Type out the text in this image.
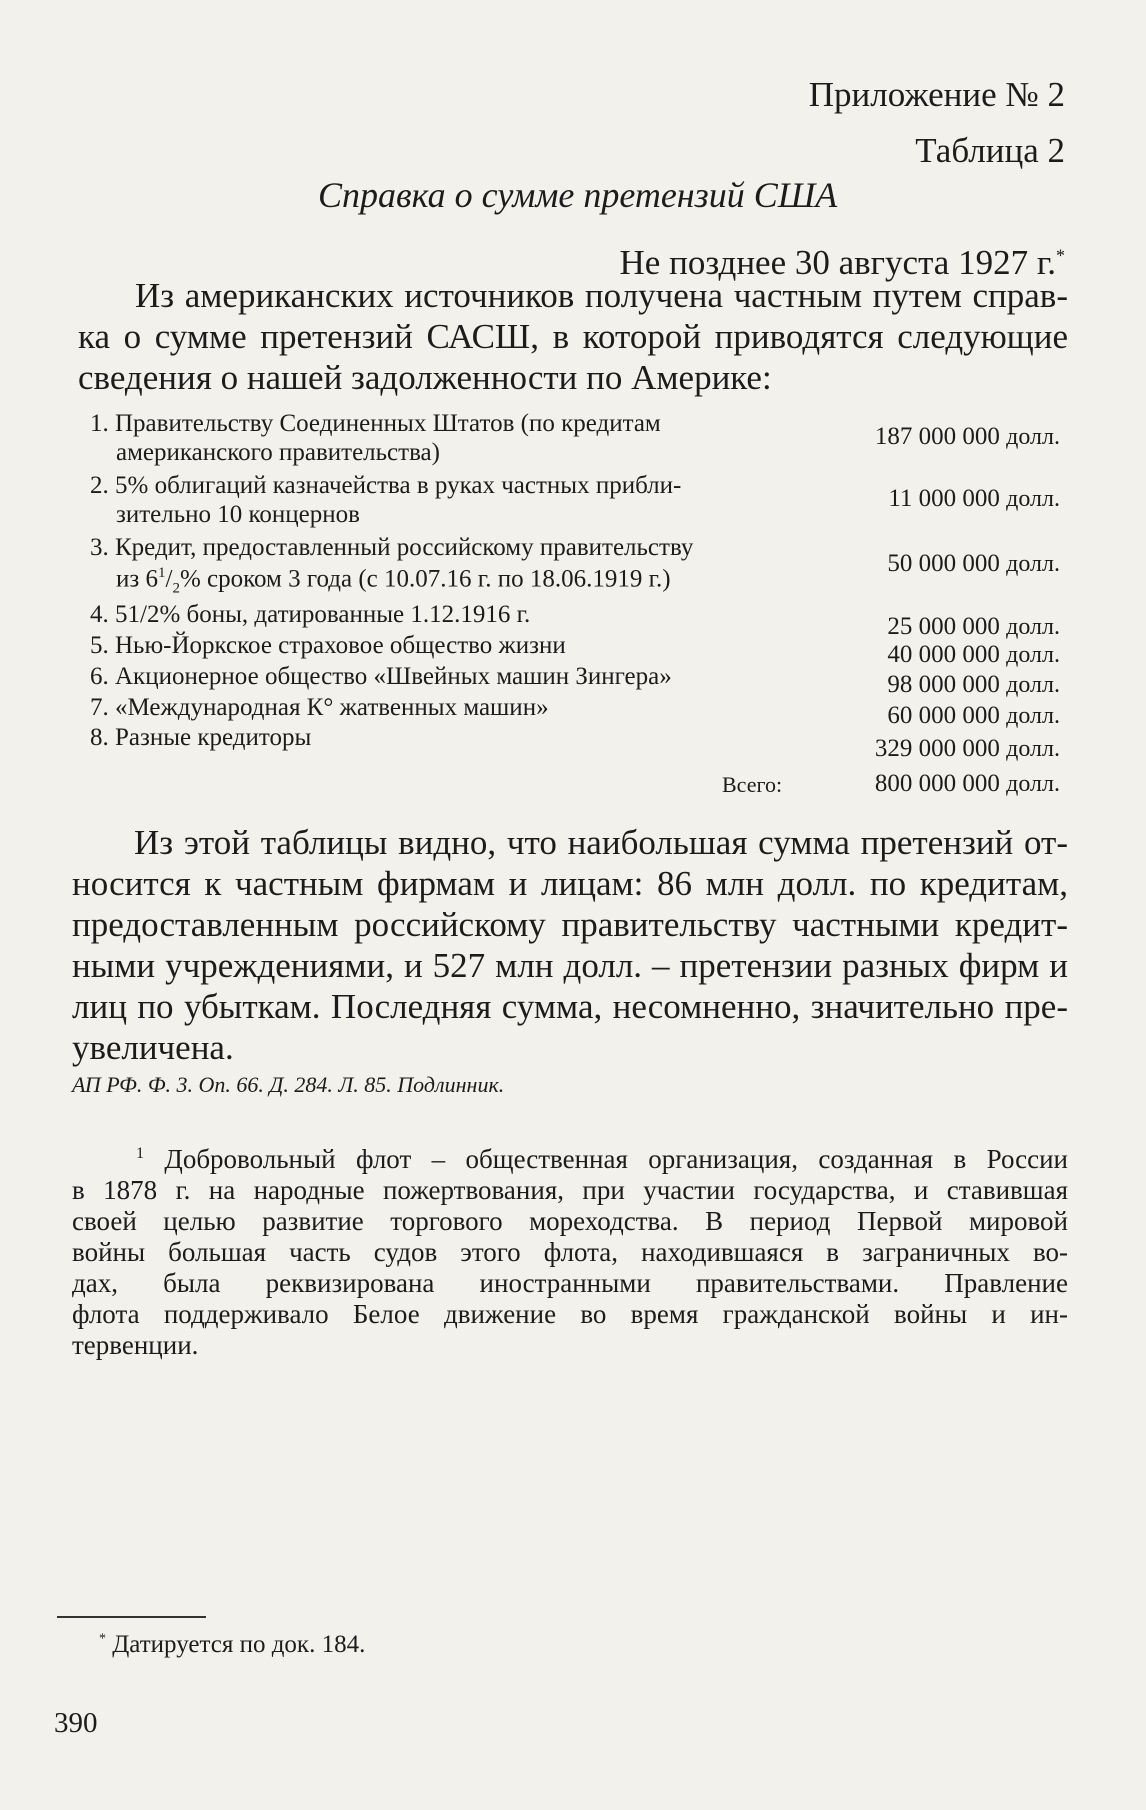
Приложение № 2
Таблица 2
Справка о сумме претензий США
Не позднее 30 августа 1927 г.*
Из американских источников получена частным путем справ-
ка о сумме претензий САСШ, в которой приводятся следующие
сведения о нашей задолженности по Америке:
1. Правительству Соединенных Штатов (по кредитам
американского правительства)
187 000 000 долл.
2. 5% облигаций казначейства в руках частных прибли-
зительно 10 концернов
11 000 000 долл.
3. Кредит, предоставленный российскому правительству
из $6^1/_2\%$ сроком 3 года (с 10.07.16 г. по 18.06.1919 г.)
50 000 000 долл.
4. 51/2% боны, датированные 1.12.1916 г.	25 000 000 долл.
5. Нью-Йоркское страховое общество жизни	40 000 000 долл.
6. Акционерное общество «Швейных машин Зингера»	98 000 000 долл.
7. «Международная К° жатвенных машин»	60 000 000 долл.
8. Разные кредиторы	329 000 000 долл.
Всего:	800 000 000 долл.
Из этой таблицы видно, что наибольшая сумма претензий от-
носится к частным фирмам и лицам: 86 млн долл. по кредитам,
предоставленным российскому правительству частными кредит-
ными учреждениями, и 527 млн долл. – претензии разных фирм и
лиц по убыткам. Последняя сумма, несомненно, значительно пре-
увеличена.
АП РФ. Ф. 3. Оп. 66. Д. 284. Л. 85. Подлинник.
$^1$ Добровольный флот – общественная организация, созданная в России
в 1878 г. на народные пожертвования, при участии государства, и ставившая
своей целью развитие торгового мореходства. В период Первой мировой
войны большая часть судов этого флота, находившаяся в заграничных во-
дах, была реквизирована иностранными правительствами. Правление
флота поддерживало Белое движение во время гражданской войны и ин-
тервенции.
* Датируется по док. 184.
390
